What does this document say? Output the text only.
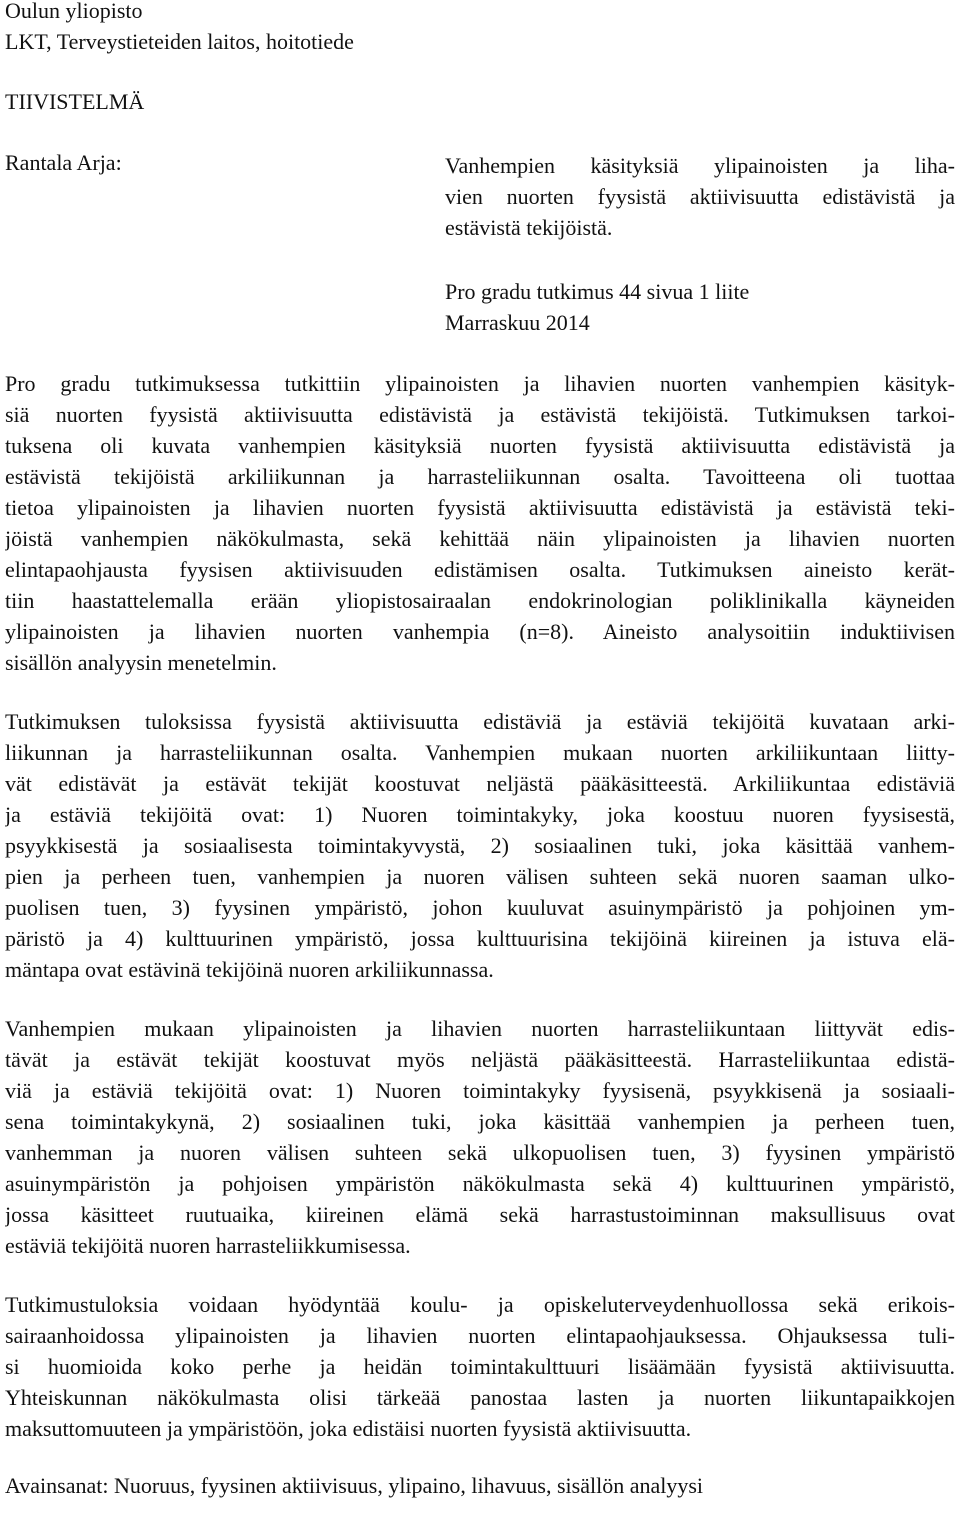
Oulun yliopisto
LKT, Terveystieteiden laitos, hoitotiede
TIIVISTELMÄ
Rantala Arja:	Vanhempien käsityksiä ylipainoisten ja liha-
vien nuorten fyysistä aktiivisuutta edistävistä ja
estävistä tekijöistä.
Pro gradu tutkimus 44 sivua 1 liite
Marraskuu 2014
Pro gradu tutkimuksessa tutkittiin ylipainoisten ja lihavien nuorten vanhempien käsityk-
siä nuorten fyysistä aktiivisuutta edistävistä ja estävistä tekijöistä. Tutkimuksen tarkoi-
tuksena oli kuvata vanhempien käsityksiä nuorten fyysistä aktiivisuutta edistävistä ja
estävistä tekijöistä arkiliikunnan ja harrasteliikunnan osalta. Tavoitteena oli tuottaa
tietoa ylipainoisten ja lihavien nuorten fyysistä aktiivisuutta edistävistä ja estävistä teki-
jöistä vanhempien näkökulmasta, sekä kehittää näin ylipainoisten ja lihavien nuorten
elintapaohjausta fyysisen aktiivisuuden edistämisen osalta. Tutkimuksen aineisto kerät-
tiin haastattelemalla erään yliopistosairaalan endokrinologian poliklinikalla käyneiden
ylipainoisten ja lihavien nuorten vanhempia (n=8). Aineisto analysoitiin induktiivisen
sisällön analyysin menetelmin.
Tutkimuksen tuloksissa fyysistä aktiivisuutta edistäviä ja estäviä tekijöitä kuvataan arki-
liikunnan ja harrasteliikunnan osalta. Vanhempien mukaan nuorten arkiliikuntaan liitty-
vät edistävät ja estävät tekijät koostuvat neljästä pääkäsitteestä. Arkiliikuntaa edistäviä
ja estäviä tekijöitä ovat: 1) Nuoren toimintakyky, joka koostuu nuoren fyysisestä,
psyykkisestä ja sosiaalisesta toimintakyvystä, 2) sosiaalinen tuki, joka käsittää vanhem-
pien ja perheen tuen, vanhempien ja nuoren välisen suhteen sekä nuoren saaman ulko-
puolisen tuen, 3) fyysinen ympäristö, johon kuuluvat asuinympäristö ja pohjoinen ym-
päristö ja 4) kulttuurinen ympäristö, jossa kulttuurisina tekijöinä kiireinen ja istuva elä-
mäntapa ovat estävinä tekijöinä nuoren arkiliikunnassa.
Vanhempien mukaan ylipainoisten ja lihavien nuorten harrasteliikuntaan liittyvät edis-
tävät ja estävät tekijät koostuvat myös neljästä pääkäsitteestä. Harrasteliikuntaa edistä-
viä ja estäviä tekijöitä ovat: 1) Nuoren toimintakyky fyysisenä, psyykkisenä ja sosiaali-
sena toimintakykynä, 2) sosiaalinen tuki, joka käsittää vanhempien ja perheen tuen,
vanhemman ja nuoren välisen suhteen sekä ulkopuolisen tuen, 3) fyysinen ympäristö
asuinympäristön ja pohjoisen ympäristön näkökulmasta sekä 4) kulttuurinen ympäristö,
jossa käsitteet ruutuaika, kiireinen elämä sekä harrastustoiminnan maksullisuus ovat
estäviä tekijöitä nuoren harrasteliikkumisessa.
Tutkimustuloksia voidaan hyödyntää koulu- ja opiskeluterveydenhuollossa sekä erikois-
sairaanhoidossa ylipainoisten ja lihavien nuorten elintapaohjauksessa. Ohjauksessa tuli-
si huomioida koko perhe ja heidän toimintakulttuuri lisäämään fyysistä aktiivisuutta.
Yhteiskunnan näkökulmasta olisi tärkeää panostaa lasten ja nuorten liikuntapaikkojen
maksuttomuuteen ja ympäristöön, joka edistäisi nuorten fyysistä aktiivisuutta.
Avainsanat: Nuoruus, fyysinen aktiivisuus, ylipaino, lihavuus, sisällön analyysi
